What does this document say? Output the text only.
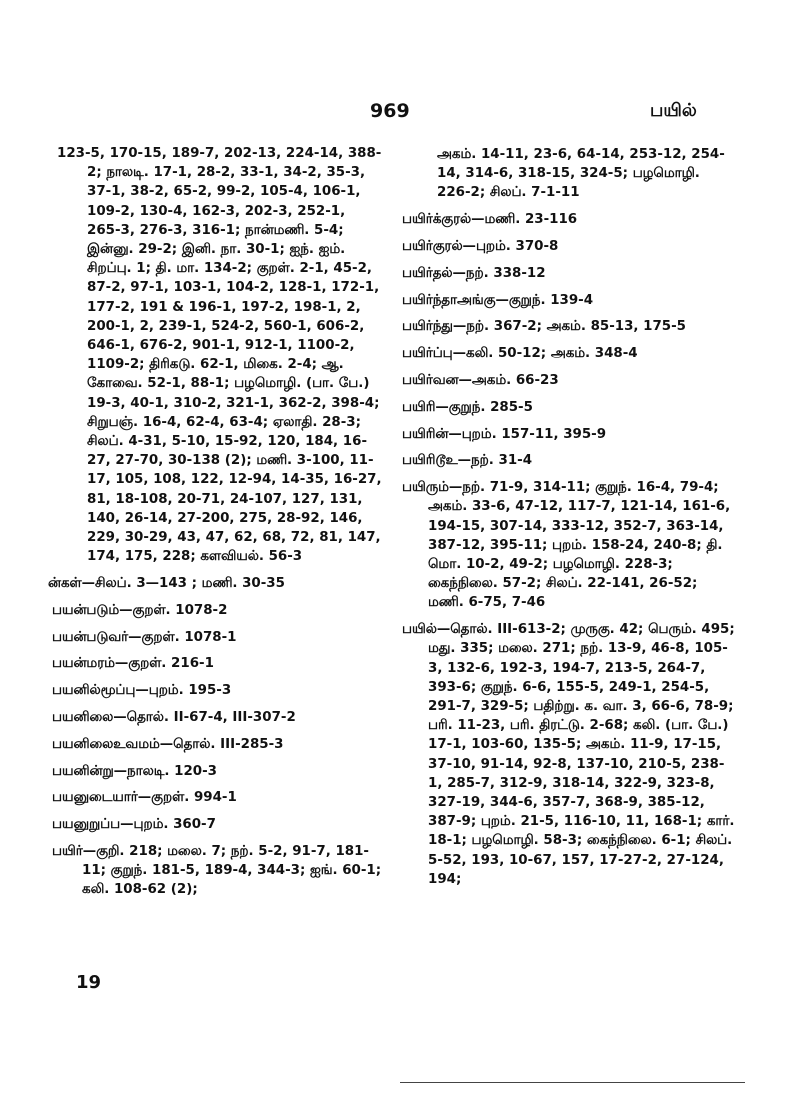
969	பயில்

123-5, 170-15, 189-7, 202-13, 224-14, 388-2; நாலடி. 17-1, 28-2, 33-1, 34-2, 35-3, 37-1, 38-2, 65-2, 99-2, 105-4, 106-1, 109-2, 130-4, 162-3, 202-3, 252-1, 265-3, 276-3, 316-1; நான்மணி. 5-4; இன்னு. 29-2; இனி. நா. 30-1; ஐந். ஐம். சிறப்பு. 1; தி. மா. 134-2; குறள். 2-1, 45-2, 87-2, 97-1, 103-1, 104-2, 128-1, 172-1, 177-2, 191 & 196-1, 197-2, 198-1, 2, 200-1, 2, 239-1, 524-2, 560-1, 606-2, 646-1, 676-2, 901-1, 912-1, 1100-2, 1109-2; திரிகடு. 62-1, மிகை. 2-4; ஆ. கோவை. 52-1, 88-1; பழமொழி. (பா. பே.) 19-3, 40-1, 310-2, 321-1, 362-2, 398-4; சிறுபஞ். 16-4, 62-4, 63-4; ஏலாதி. 28-3; சிலப். 4-31, 5-10, 15-92, 120, 184, 16-27, 27-70, 30-138 (2); மணி. 3-100, 11-17, 105, 108, 122, 12-94, 14-35, 16-27, 81, 18-108, 20-71, 24-107, 127, 131, 140, 26-14, 27-200, 275, 28-92, 146, 229, 30-29, 43, 47, 62, 68, 72, 81, 147, 174, 175, 228; களவியல். 56-3

ன்கள்—சிலப். 3—143 ; மணி. 30-35

பயன்படும்—குறள். 1078-2

பயன்படுவர்—குறள். 1078-1

பயன்மரம்—குறள். 216-1

பயனில்மூப்பு—புறம். 195-3

பயனிலை—தொல். II-67-4, III-307-2

பயனிலைஉவமம்—தொல். III-285-3

பயனின்று—நாலடி. 120-3

பயனுடையார்—குறள். 994-1

பயனுறுப்ப—புறம். 360-7

பயிர்—குறி. 218; மலை. 7; நற். 5-2, 91-7, 181-11; குறுந். 181-5, 189-4, 344-3; ஐங். 60-1; கலி. 108-62 (2);

அகம். 14-11, 23-6, 64-14, 253-12, 254-14, 314-6, 318-15, 324-5; பழமொழி. 226-2; சிலப். 7-1-11

பயிர்க்குரல்—மணி. 23-116

பயிர்குரல்—புறம். 370-8

பயிர்தல்—நற். 338-12

பயிர்ந்தாஅங்கு—குறுந். 139-4

பயிர்ந்து—நற். 367-2; அகம். 85-13, 175-5

பயிர்ப்பு—கலி. 50-12; அகம். 348-4

பயிர்வன—அகம். 66-23

பயிரி—குறுந். 285-5

பயிரின்—புறம். 157-11, 395-9

பயிரிடூஉ—நற். 31-4

பயிரும்—நற். 71-9, 314-11; குறுந். 16-4, 79-4; அகம். 33-6, 47-12, 117-7, 121-14, 161-6, 194-15, 307-14, 333-12, 352-7, 363-14, 387-12, 395-11; புறம். 158-24, 240-8; தி. மொ. 10-2, 49-2; பழமொழி. 228-3; கைந்நிலை. 57-2; சிலப். 22-141, 26-52; மணி. 6-75, 7-46

பயில்—தொல். III-613-2; முருகு. 42; பெரும். 495; மது. 335; மலை. 271; நற். 13-9, 46-8, 105-3, 132-6, 192-3, 194-7, 213-5, 264-7, 393-6; குறுந். 6-6, 155-5, 249-1, 254-5, 291-7, 329-5; பதிற்று. க. வா. 3, 66-6, 78-9; பரி. 11-23, பரி. திரட்டு. 2-68; கலி. (பா. பே.) 17-1, 103-60, 135-5; அகம். 11-9, 17-15, 37-10, 91-14, 92-8, 137-10, 210-5, 238-1, 285-7, 312-9, 318-14, 322-9, 323-8, 327-19, 344-6, 357-7, 368-9, 385-12, 387-9; புறம். 21-5, 116-10, 11, 168-1; கார். 18-1; பழமொழி. 58-3; கைந்நிலை. 6-1; சிலப். 5-52, 193, 10-67, 157, 17-27-2, 27-124, 194;

19
